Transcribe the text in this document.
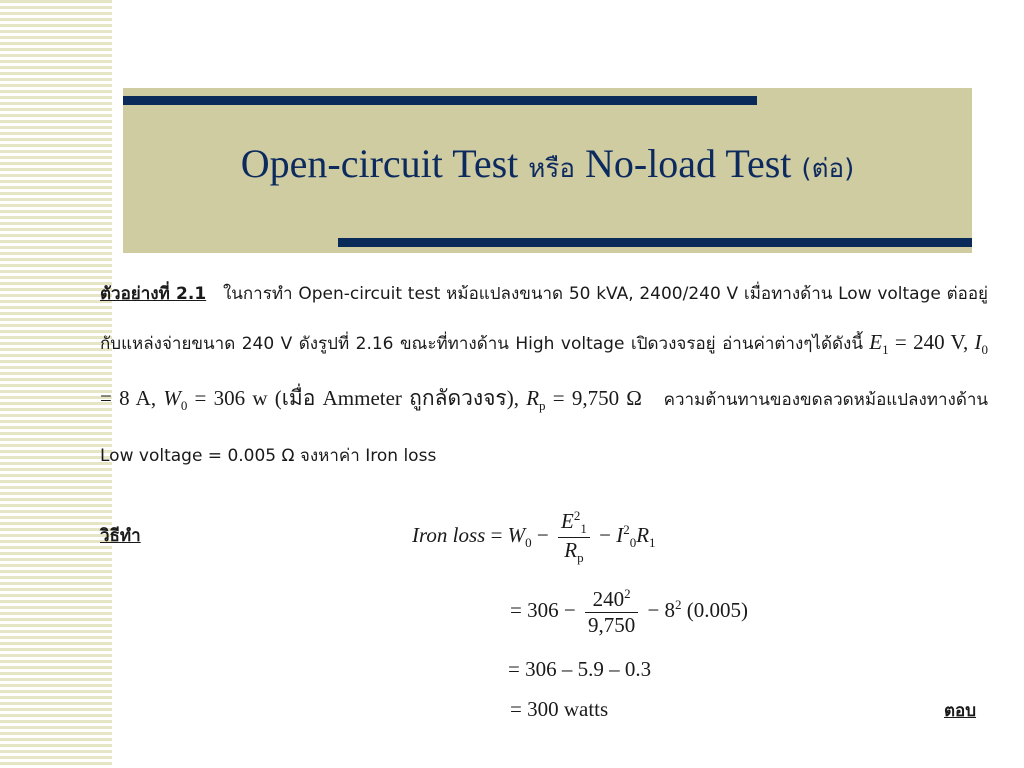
Open-circuit Test หรือ No-load Test (ต่อ)
ตัวอย่างที่ 2.1 ในการทำ Open-circuit test หม้อแปลงขนาด 50 kVA, 2400/240 V เมื่อทางด้าน Low voltage ต่ออยู่กับแหล่งจ่ายขนาด 240 V ดังรูปที่ 2.16 ขณะที่ทางด้าน High voltage เปิดวงจรอยู่ อ่านค่าต่างๆได้ดังนี้ $E_1 = 240$ V, $I_0 = 8$ A, $W_0 = 306$ w (เมื่อ Ammeter ถูกลัดวงจร), $R_p = 9,750$ Ω ความต้านทานของขดลวดหม้อแปลงทางด้าน Low voltage = 0.005 Ω จงหาค่า Iron loss
วิธีทำ	Iron loss = $W_0 - \frac{E^2_1}{R_p} - I^2_0R_1$
= $306 - \frac{240^2}{9,750} - 8^2$ (0.005)
= 306 – 5.9 – 0.3
= 300 watts	ตอบ
